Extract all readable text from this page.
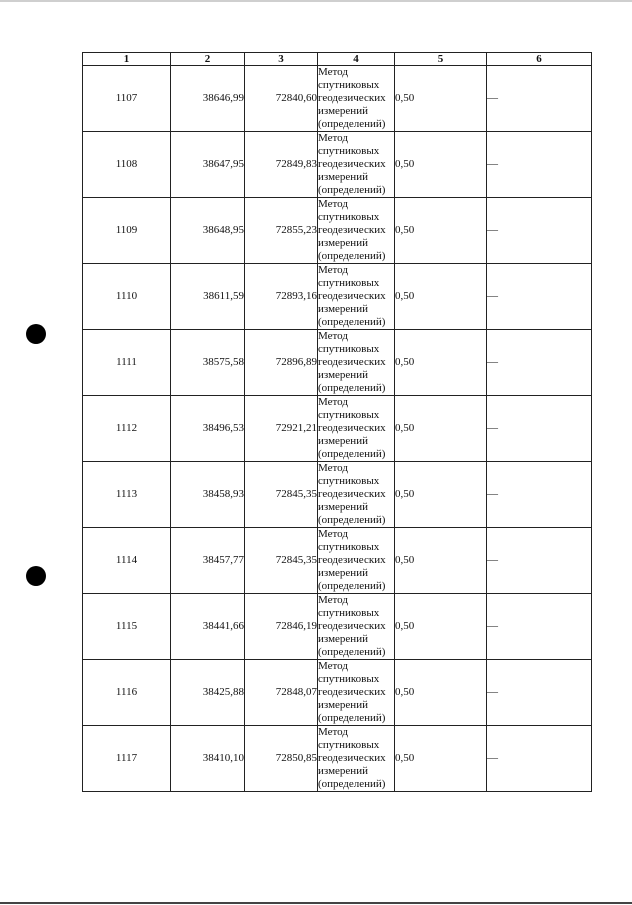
1	2	3	4	5	6
1107	38646,99	72840,60	Метод
спутниковых
геодезических
измерений
(определений)	0,50	—
1108	38647,95	72849,83	Метод
спутниковых
геодезических
измерений
(определений)	0,50	—
1109	38648,95	72855,23	Метод
спутниковых
геодезических
измерений
(определений)	0,50	—
1110	38611,59	72893,16	Метод
спутниковых
геодезических
измерений
(определений)	0,50	—
1111	38575,58	72896,89	Метод
спутниковых
геодезических
измерений
(определений)	0,50	—
1112	38496,53	72921,21	Метод
спутниковых
геодезических
измерений
(определений)	0,50	—
1113	38458,93	72845,35	Метод
спутниковых
геодезических
измерений
(определений)	0,50	—
1114	38457,77	72845,35	Метод
спутниковых
геодезических
измерений
(определений)	0,50	—
1115	38441,66	72846,19	Метод
спутниковых
геодезических
измерений
(определений)	0,50	—
1116	38425,88	72848,07	Метод
спутниковых
геодезических
измерений
(определений)	0,50	—
1117	38410,10	72850,85	Метод
спутниковых
геодезических
измерений
(определений)	0,50	—
